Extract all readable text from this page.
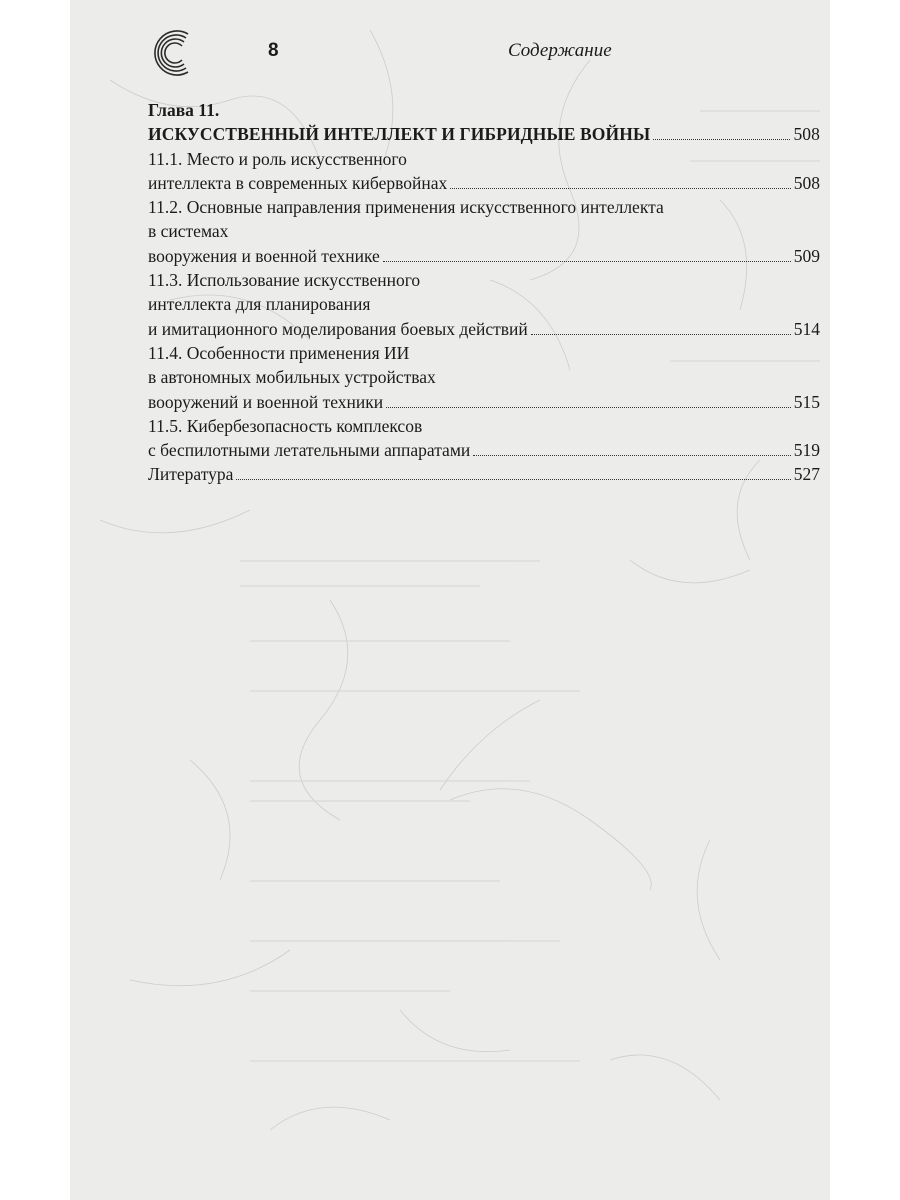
8	Содержание
Глава 11.
ИСКУССТВЕННЫЙ ИНТЕЛЛЕКТ И ГИБРИДНЫЕ ВОЙНЫ	508
11.1. Место и роль искусственного
интеллекта в современных кибервойнах	508
11.2. Основные направления применения искусственного интеллекта
в системах
вооружения и военной технике	509
11.3. Использование искусственного
интеллекта для планирования
и имитационного моделирования боевых действий	514
11.4. Особенности применения ИИ
в автономных мобильных устройствах
вооружений и военной техники	515
11.5. Кибербезопасность комплексов
с беспилотными летательными аппаратами	519
Литература	527
